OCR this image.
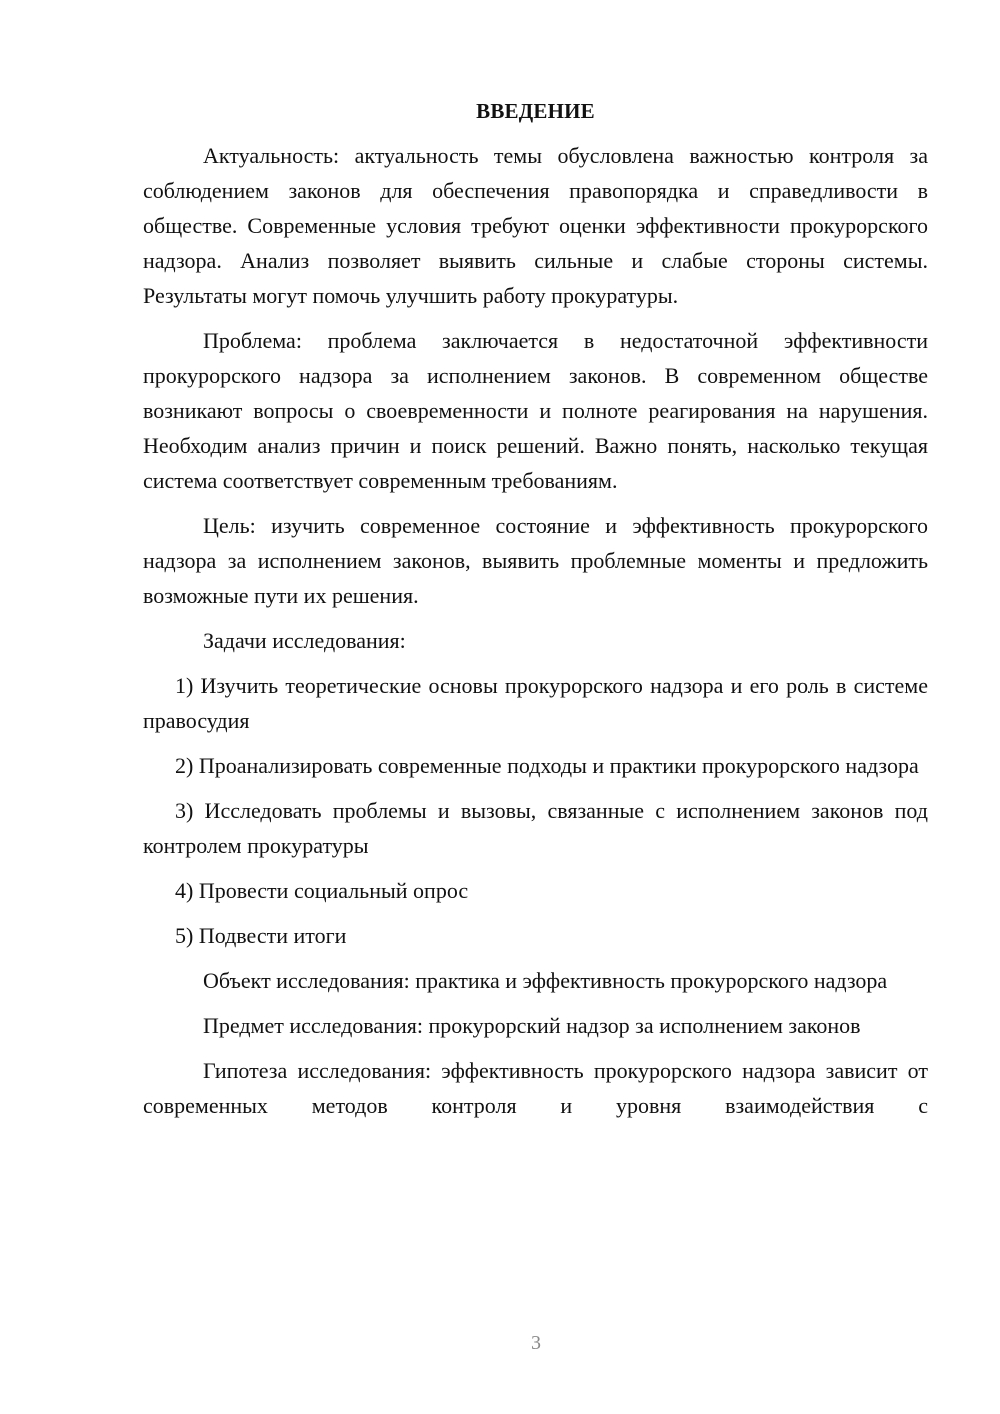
ВВЕДЕНИЕ

Актуальность: актуальность темы обусловлена важностью контроля за соблюдением законов для обеспечения правопорядка и справедливости в обществе. Современные условия требуют оценки эффективности прокурорского надзора. Анализ позволяет выявить сильные и слабые стороны системы. Результаты могут помочь улучшить работу прокуратуры.

Проблема: проблема заключается в недостаточной эффективности прокурорского надзора за исполнением законов. В современном обществе возникают вопросы о своевременности и полноте реагирования на нарушения. Необходим анализ причин и поиск решений. Важно понять, насколько текущая система соответствует современным требованиям.

Цель: изучить современное состояние и эффективность прокурорского надзора за исполнением законов, выявить проблемные моменты и предложить возможные пути их решения.

Задачи исследования:

1) Изучить теоретические основы прокурорского надзора и его роль в системе правосудия

2) Проанализировать современные подходы и практики прокурорского надзора

3) Исследовать проблемы и вызовы, связанные с исполнением законов под контролем прокуратуры

4) Провести социальный опрос

5) Подвести итоги

Объект исследования: практика и эффективность прокурорского надзора

Предмет исследования: прокурорский надзор за исполнением законов

Гипотеза исследования: эффективность прокурорского надзора зависит от современных методов контроля и уровня взаимодействия с

3
